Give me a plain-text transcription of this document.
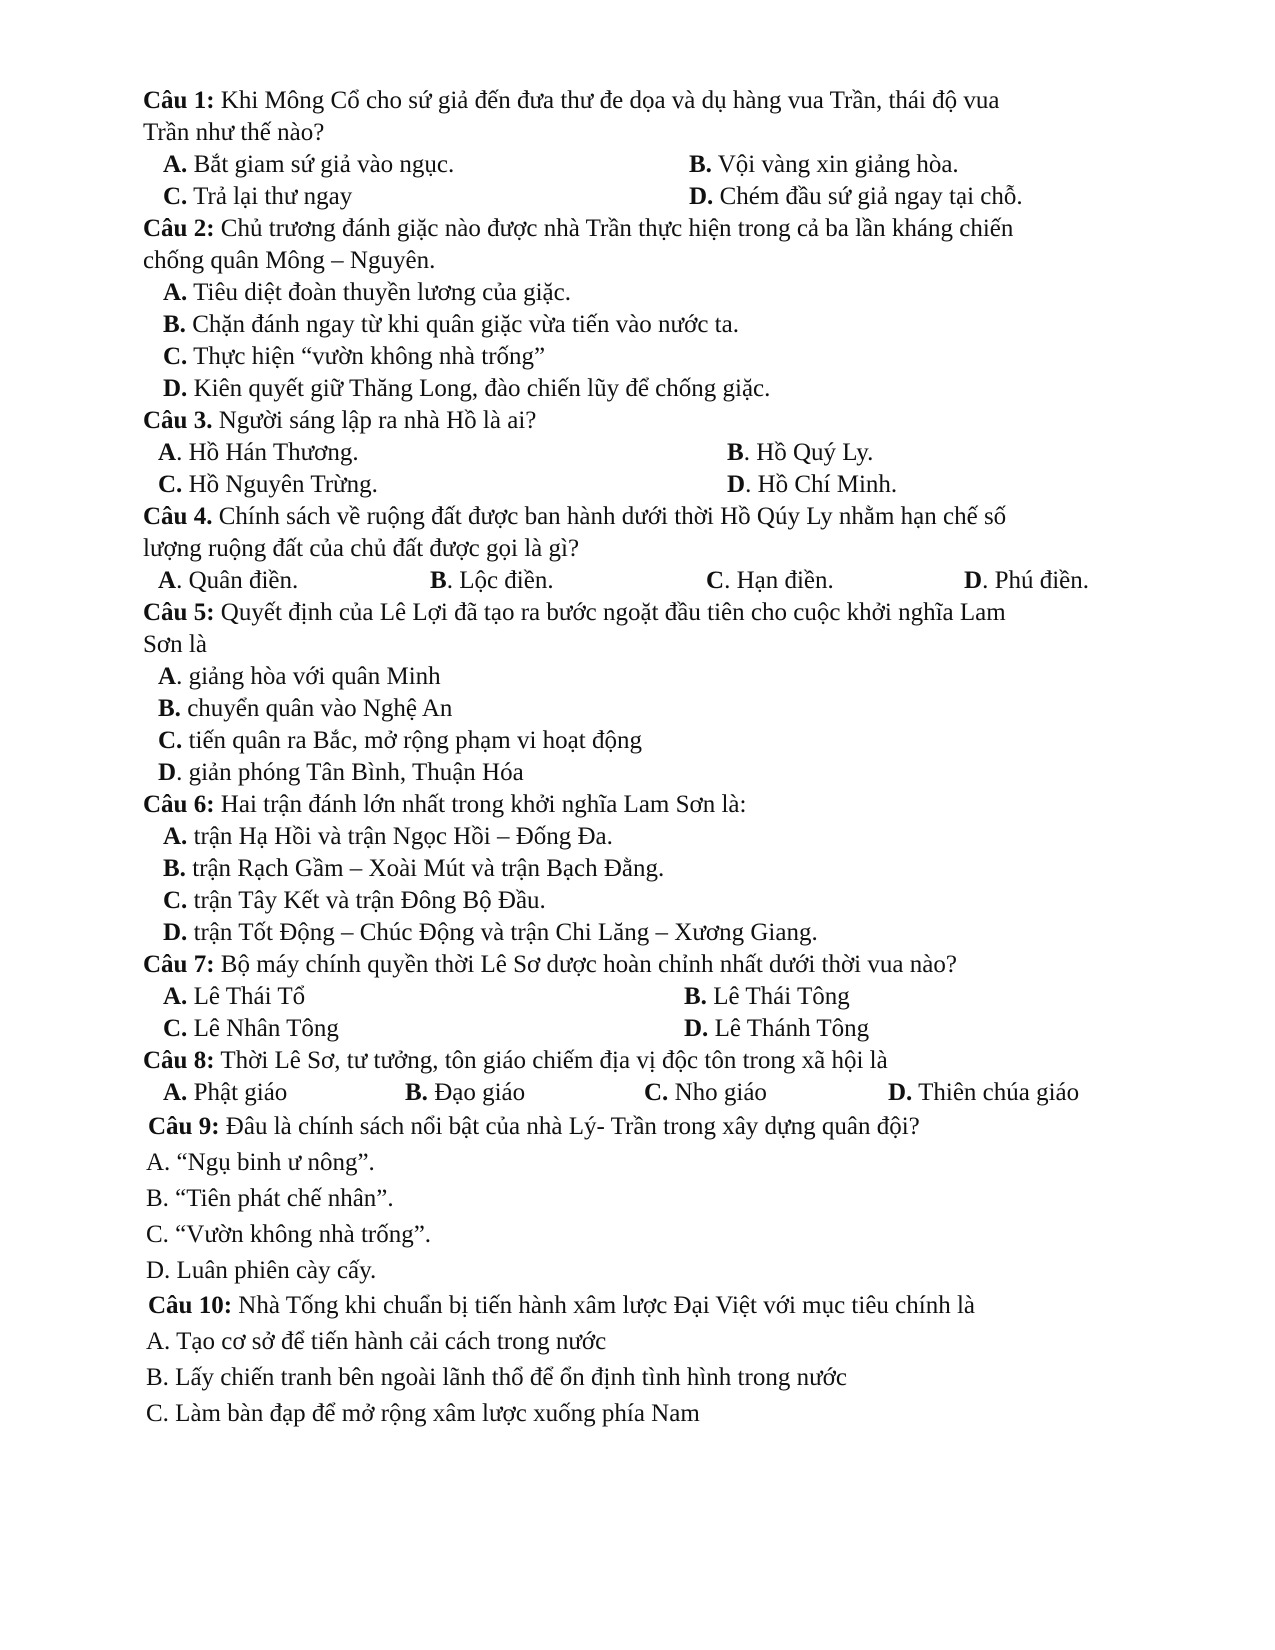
Câu 1: Khi Mông Cổ cho sứ giả đến đưa thư đe dọa và dụ hàng vua Trần, thái độ vua
Trần như thế nào?
A. Bắt giam sứ giả vào ngục.	B. Vội vàng xin giảng hòa.
C. Trả lại thư ngay	D. Chém đầu sứ giả ngay tại chỗ.
Câu 2: Chủ trương đánh giặc nào được nhà Trần thực hiện trong cả ba lần kháng chiến
chống quân Mông – Nguyên.
A. Tiêu diệt đoàn thuyền lương của giặc.
B. Chặn đánh ngay từ khi quân giặc vừa tiến vào nước ta.
C. Thực hiện “vườn không nhà trống”
D. Kiên quyết giữ Thăng Long, đào chiến lũy để chống giặc.
Câu 3. Người sáng lập ra nhà Hồ là ai?
A. Hồ Hán Thương.	B. Hồ Quý Ly.
C. Hồ Nguyên Trừng.	D. Hồ Chí Minh.
Câu 4. Chính sách về ruộng đất được ban hành dưới thời Hồ Qúy Ly nhằm hạn chế số
lượng ruộng đất của chủ đất được gọi là gì?
A. Quân điền.	B. Lộc điền.	C. Hạn điền.	D. Phú điền.
Câu 5: Quyết định của Lê Lợi đã tạo ra bước ngoặt đầu tiên cho cuộc khởi nghĩa Lam
Sơn là
A. giảng hòa với quân Minh
B. chuyển quân vào Nghệ An
C. tiến quân ra Bắc, mở rộng phạm vi hoạt động
D. giản phóng Tân Bình, Thuận Hóa
Câu 6: Hai trận đánh lớn nhất trong khởi nghĩa Lam Sơn là:
A. trận Hạ Hồi và trận Ngọc Hồi – Đống Đa.
B. trận Rạch Gầm – Xoài Mút và trận Bạch Đằng.
C. trận Tây Kết và trận Đông Bộ Đầu.
D. trận Tốt Động – Chúc Động và trận Chi Lăng – Xương Giang.
Câu 7: Bộ máy chính quyền thời Lê Sơ dược hoàn chỉnh nhất dưới thời vua nào?
A. Lê Thái Tổ	B. Lê Thái Tông
C. Lê Nhân Tông	D. Lê Thánh Tông
Câu 8: Thời Lê Sơ, tư tưởng, tôn giáo chiếm địa vị độc tôn trong xã hội là
A. Phật giáo	B. Đạo giáo	C. Nho giáo	D. Thiên chúa giáo
Câu 9: Đâu là chính sách nổi bật của nhà Lý- Trần trong xây dựng quân đội?
A. “Ngụ binh ư nông”.
B. “Tiên phát chế nhân”.
C. “Vườn không nhà trống”.
D. Luân phiên cày cấy.
Câu 10: Nhà Tống khi chuẩn bị tiến hành xâm lược Đại Việt với mục tiêu chính là
A. Tạo cơ sở để tiến hành cải cách trong nước
B. Lấy chiến tranh bên ngoài lãnh thổ để ổn định tình hình trong nước
C. Làm bàn đạp để mở rộng xâm lược xuống phía Nam
